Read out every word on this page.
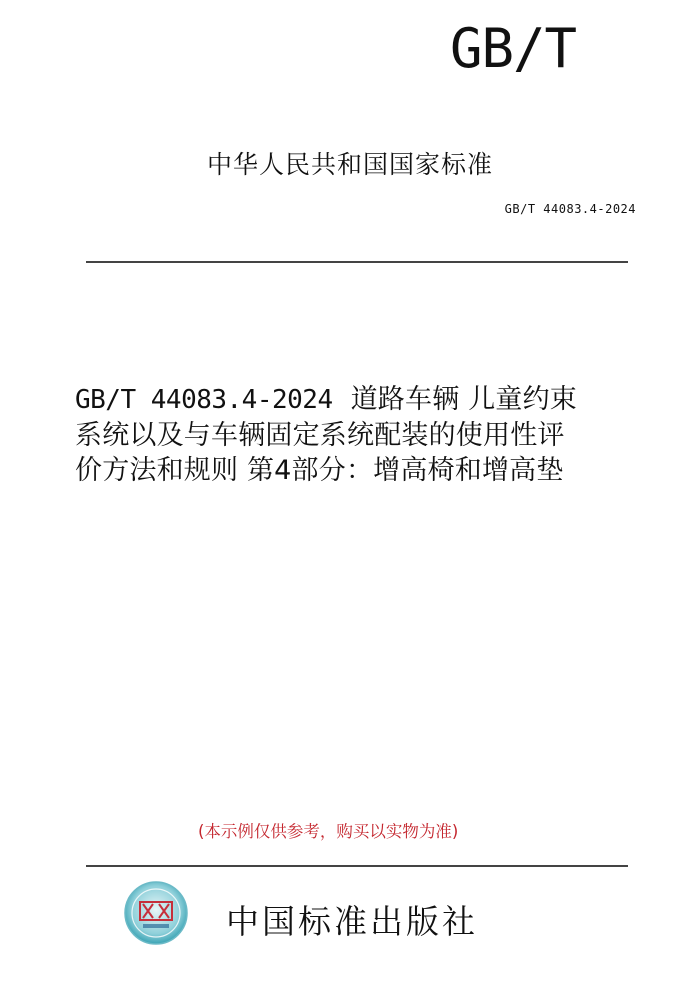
GB/T
中华人民共和国国家标准
GB/T 44083.4-2024
GB/T 44083.4-2024 道路车辆 儿童约束
系统以及与车辆固定系统配装的使用性评
价方法和规则 第4部分：增高椅和增高垫
(本示例仅供参考，购买以实物为准)
中国标准出版社
